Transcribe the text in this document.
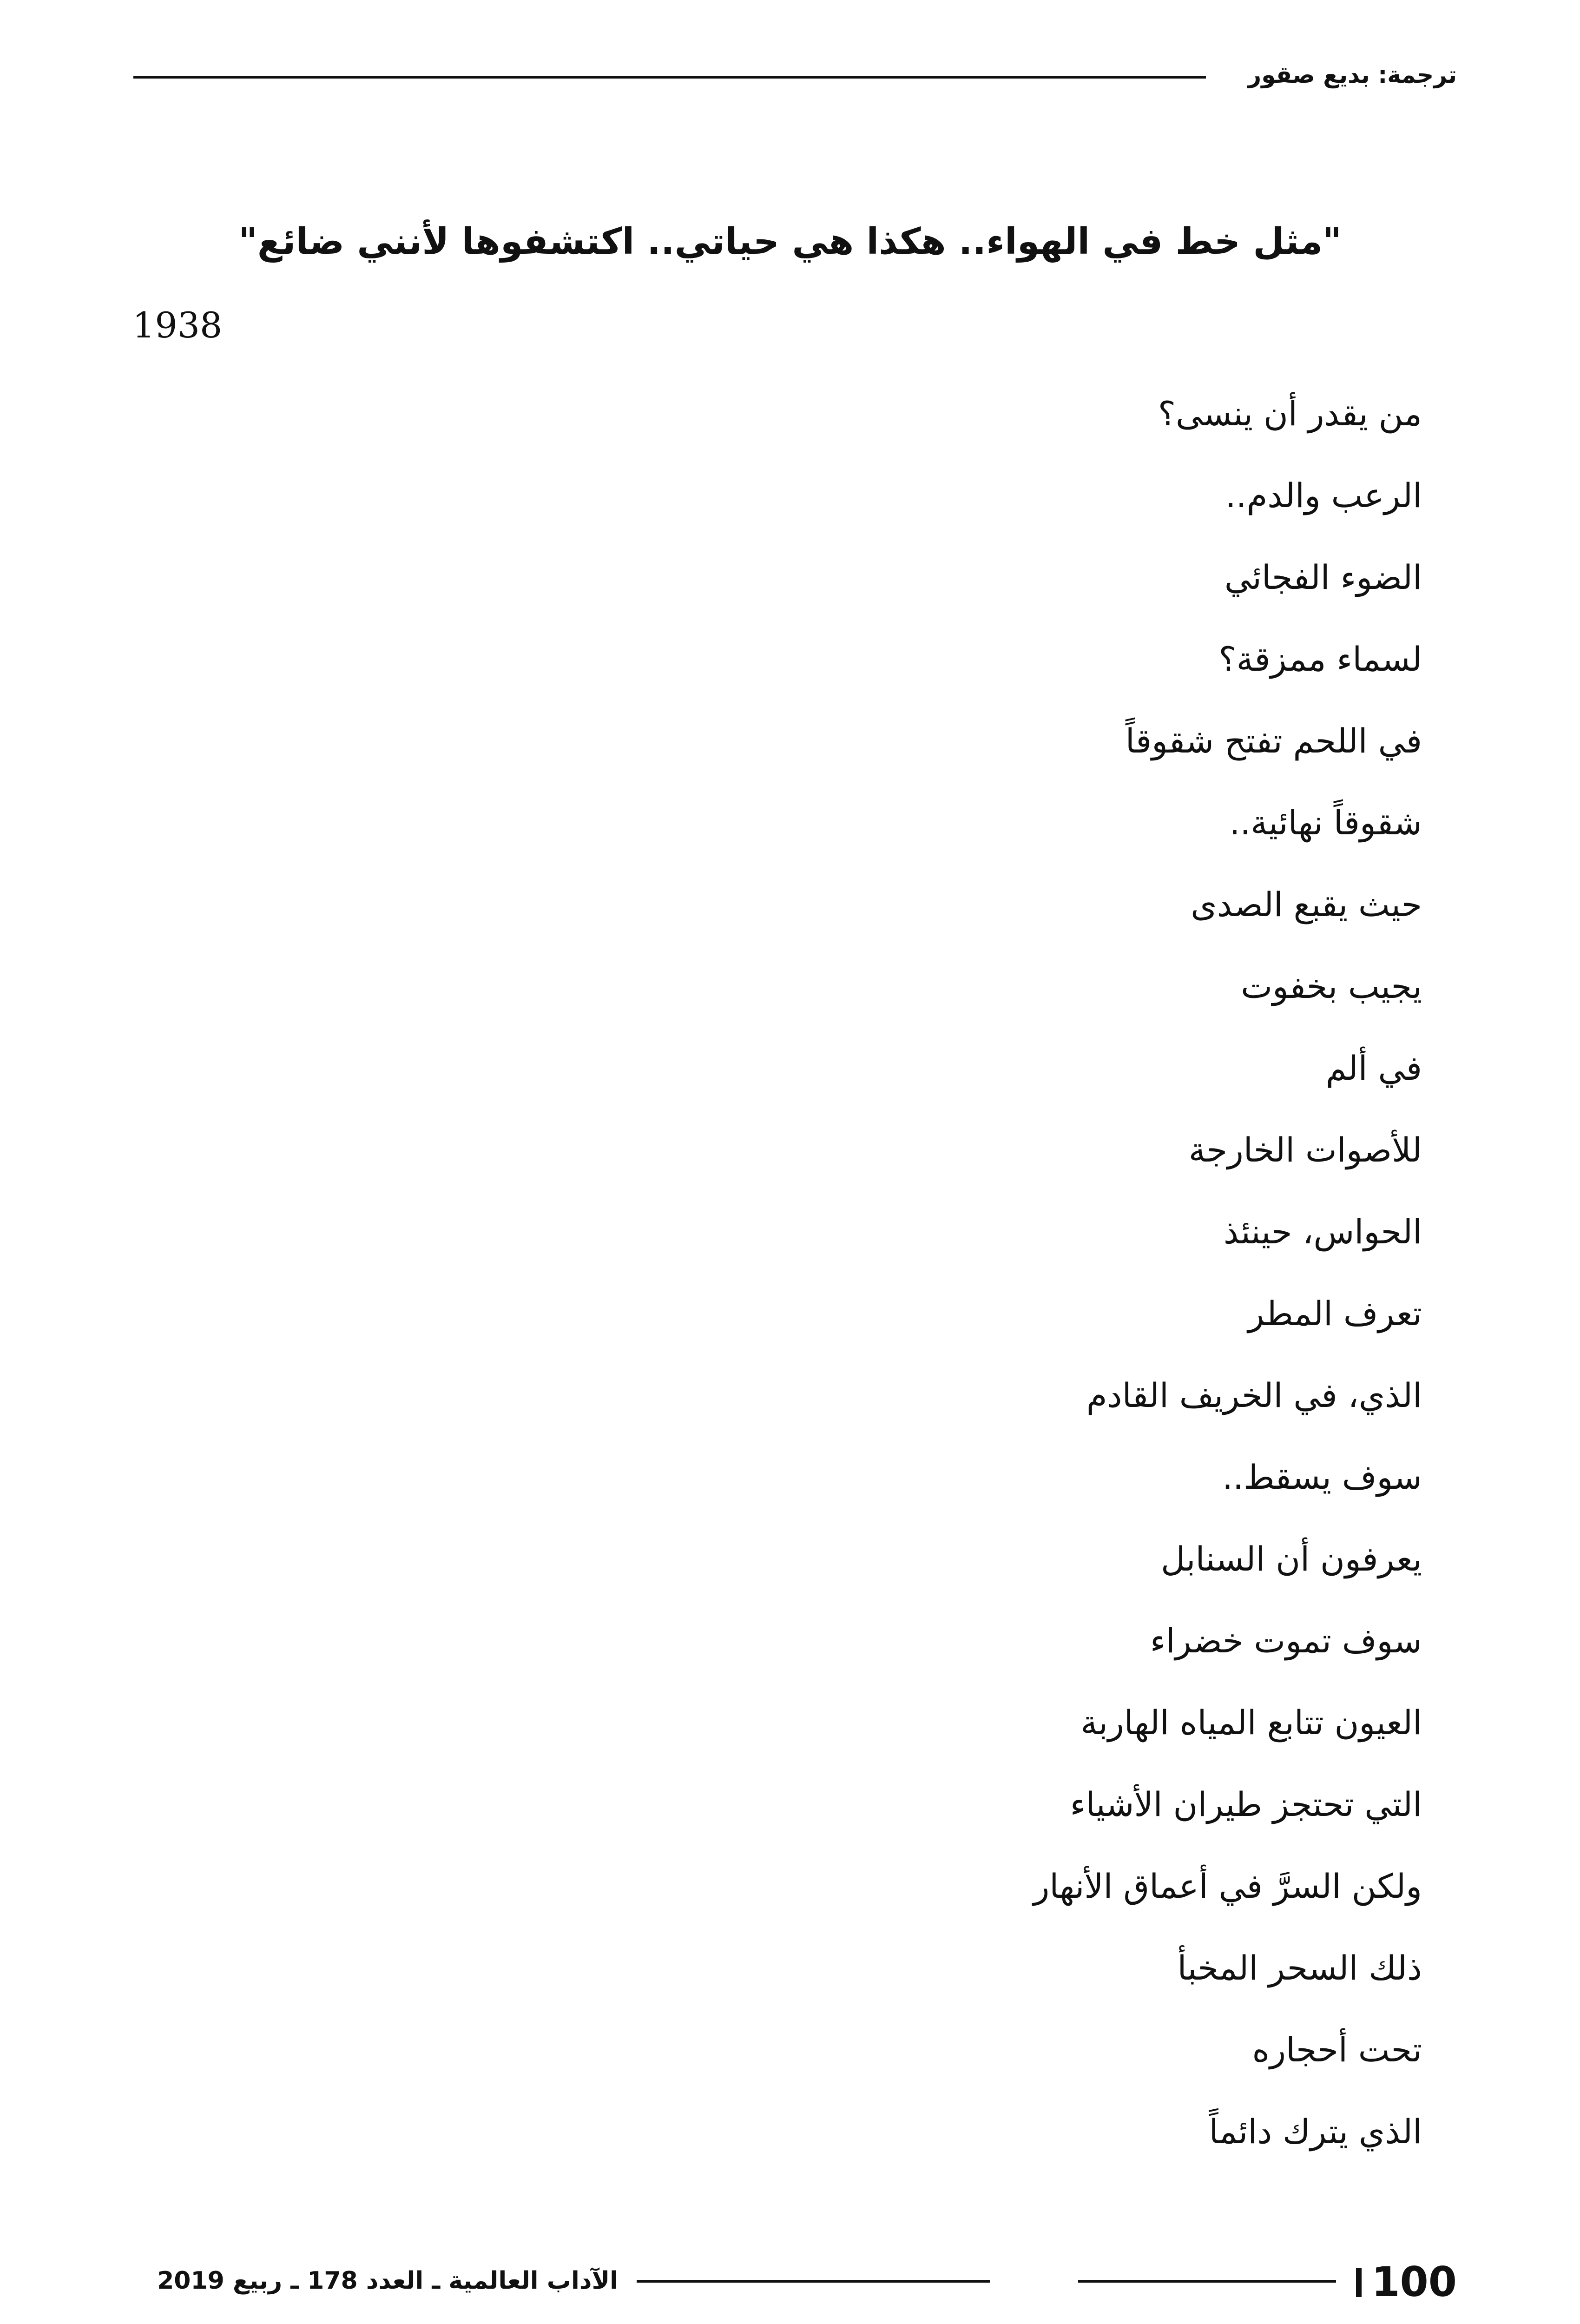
ترجمة: بديع صقور
"مثل خط في الهواء.. هكذا هي حياتي.. اكتشفوها لأنني ضائع"
1938
من يقدر أن ينسى؟
الرعب والدم..
الضوء الفجائي
لسماء ممزقة؟
في اللحم تفتح شقوقاً
شقوقاً نهائية..
حيث يقبع الصدى
يجيب بخفوت
في ألم
للأصوات الخارجة
الحواس، حينئذ
تعرف المطر
الذي، في الخريف القادم
سوف يسقط..
يعرفون أن السنابل
سوف تموت خضراء
العيون تتابع المياه الهاربة
التي تحتجز طيران الأشياء
ولكن السرَّ في أعماق الأنهار
ذلك السحر المخبأ
تحت أحجاره
الذي يترك دائماً
100
الآداب العالمية ـ العدد 178 ـ ربيع 2019
